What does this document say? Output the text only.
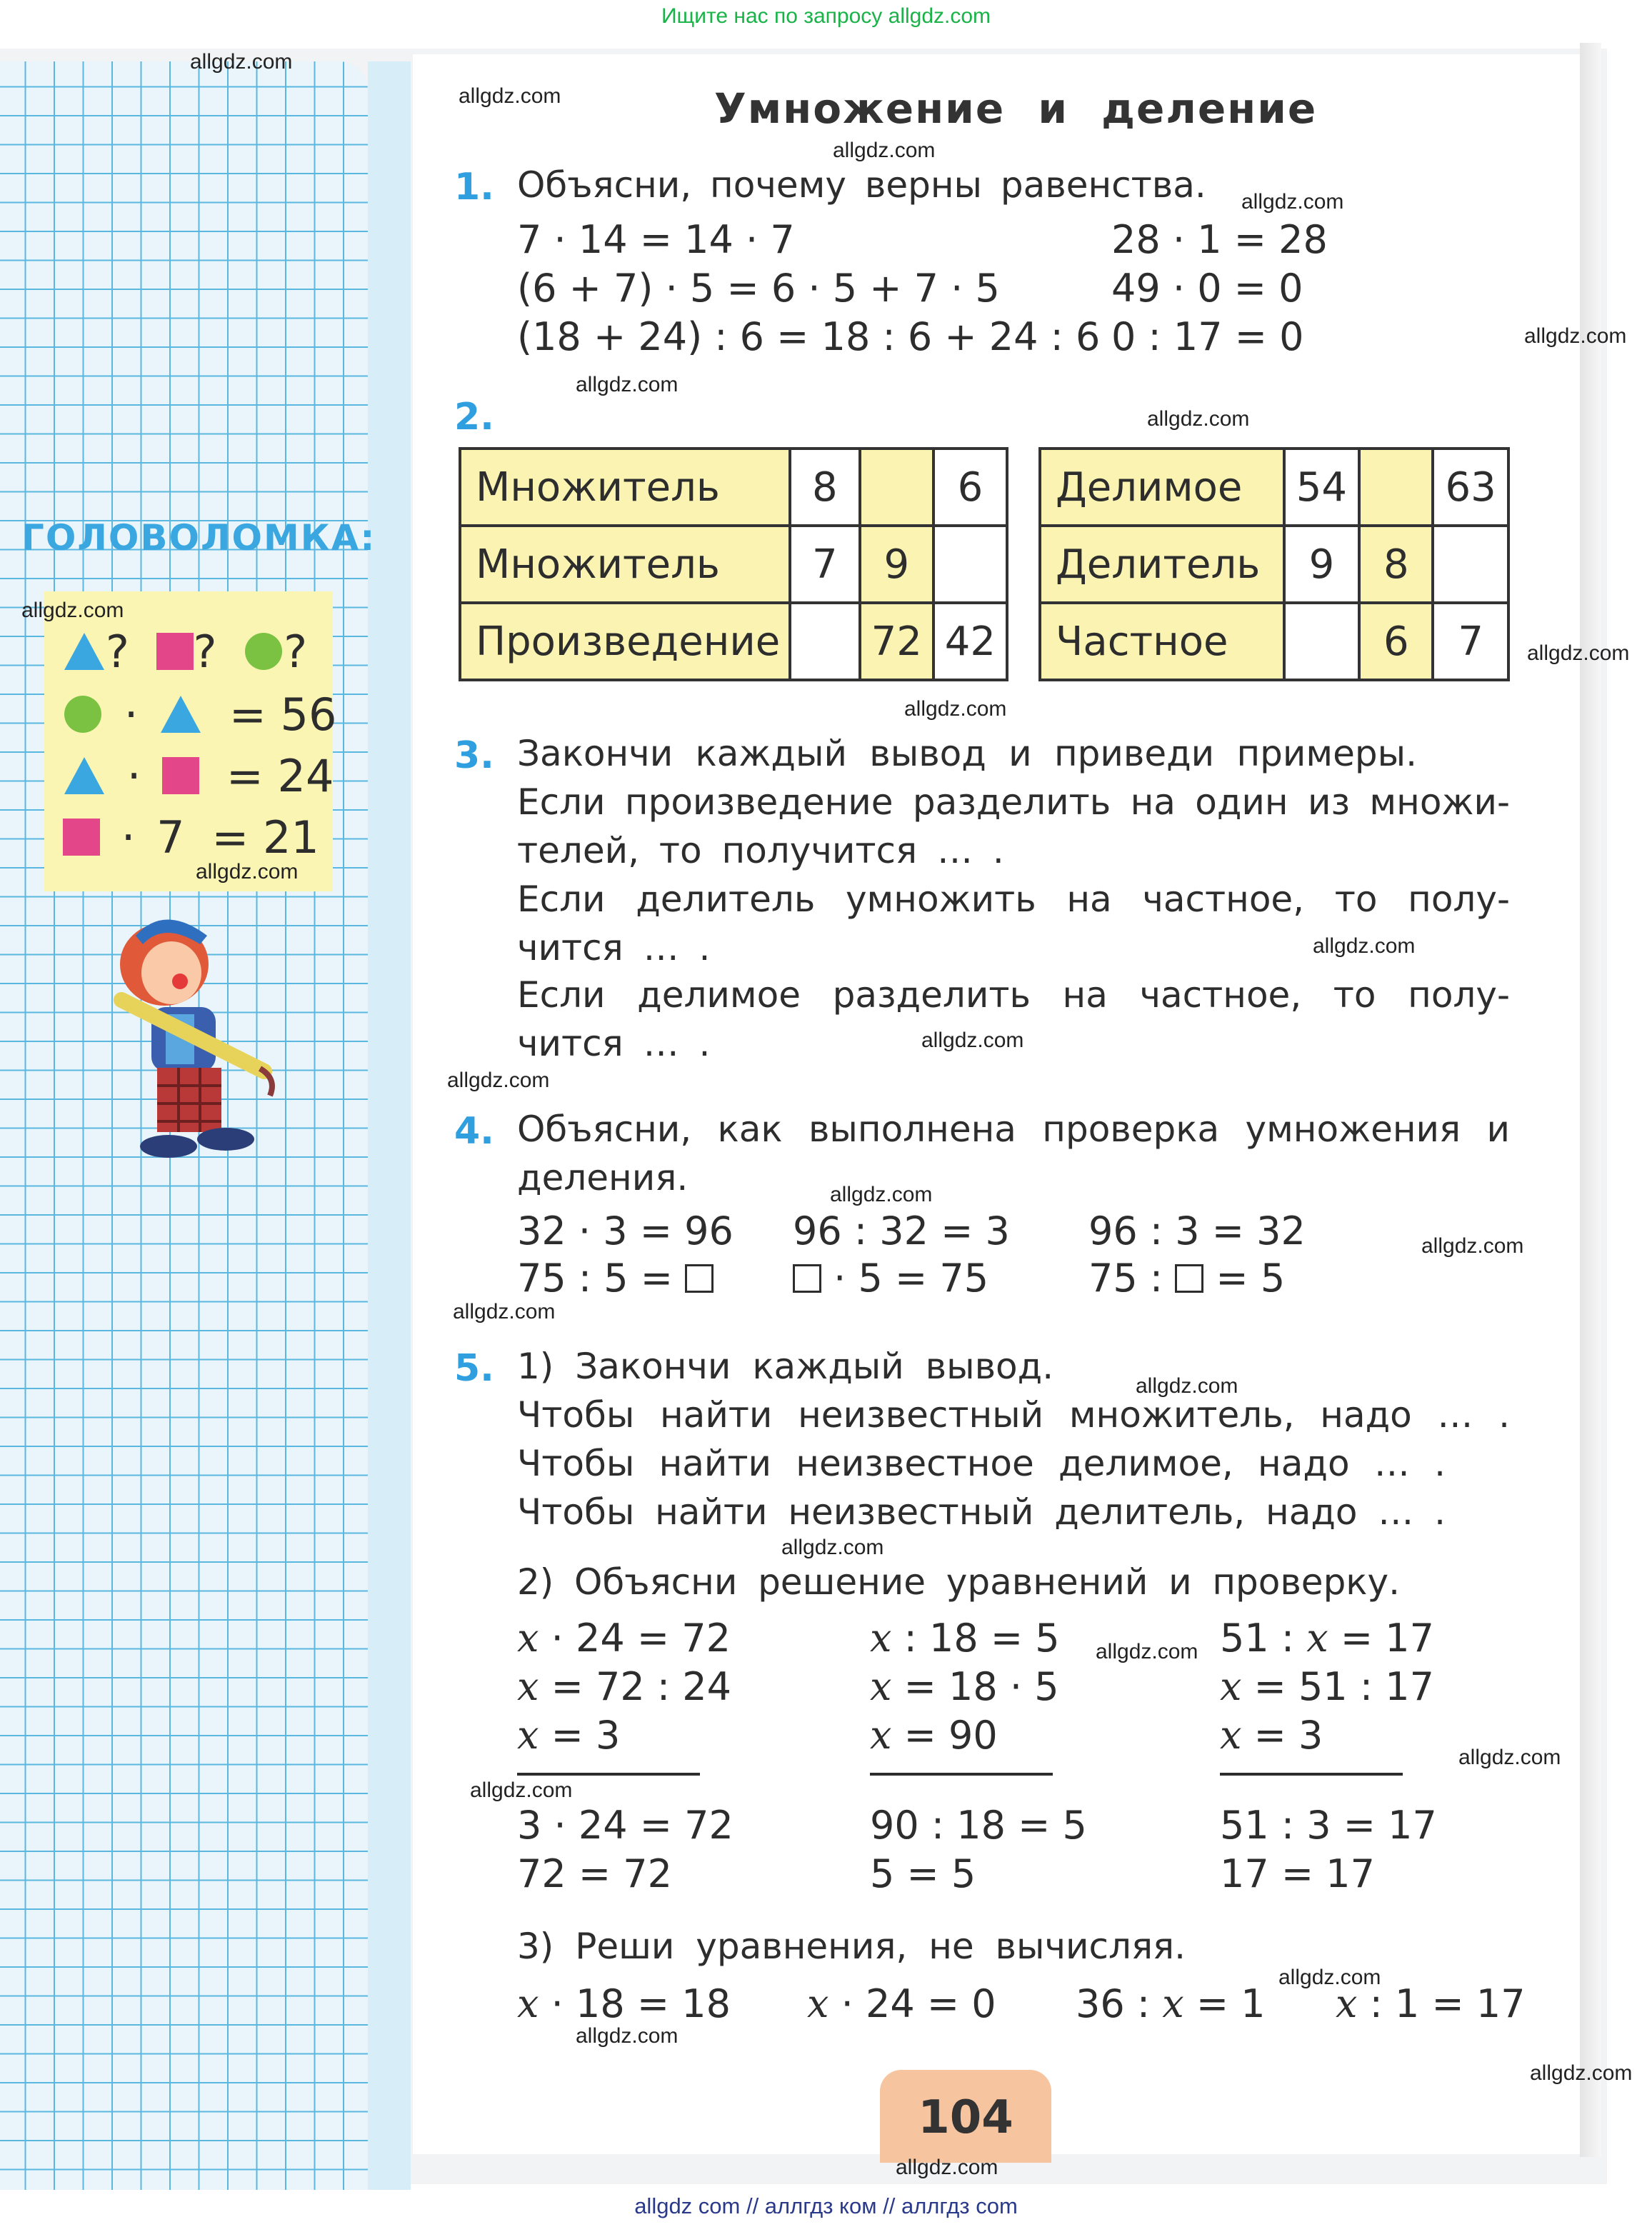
Ищите нас по запросу allgdz.com
Умножение и деление
1. Объясни, почему верны равенства.
7 · 14 = 14 · 7
(6 + 7) · 5 = 6 · 5 + 7 · 5
(18 + 24) : 6 = 18 : 6 + 24 : 6
28 · 1 = 28
49 · 0 = 0
0 : 17 = 0
2.
Множитель	8		6
Множитель	7	9	
Произведение		72	42
Делимое	54		63
Делитель	9	8	
Частное		6	7
3. Закончи каждый вывод и приведи примеры.
Если произведение разделить на один из множи-
телей, то получится … .
Если делитель умножить на частное, то полу-
чится … .
Если делимое разделить на частное, то полу-
чится … .
4. Объясни, как выполнена проверка умножения и
деления.
32 · 3 = 96 96 : 32 = 3 96 : 3 = 32
75 : 5 =	· 5 = 75	75 : = 5
5. 1) Закончи каждый вывод.
Чтобы найти неизвестный множитель, надо … .
Чтобы найти неизвестное делимое, надо … .
Чтобы найти неизвестный делитель, надо … .
2) Объясни решение уравнений и проверку.
x · 24 = 72
x = 72 : 24
x = 3
3 · 24 = 72
72 = 72
x : 18 = 5
x = 18 · 5
x = 90
90 : 18 = 5
5 = 5
51 : x = 17
x = 51 : 17
x = 3
51 : 3 = 17
17 = 17
3) Реши уравнения, не вычисляя.
x · 18 = 18 x · 24 = 0 36 : x = 1 x : 1 = 17
ГОЛОВОЛОМКА:
? ? ?
· = 56
· = 24
· 7 = 21
104
allgdz.com
allgdz.com
allgdz.com
allgdz.com
allgdz.com
allgdz.com
allgdz.com
allgdz.com
allgdz.com
allgdz.com
allgdz.com
allgdz.com
allgdz.com
allgdz.com
allgdz.com
allgdz.com
allgdz.com
allgdz.com
allgdz.com
allgdz.com
allgdz.com
allgdz.com
allgdz.com
allgdz.com
allgdz.com
allgdz.com
allgdz com // аллгдз ком // аллгдз com
